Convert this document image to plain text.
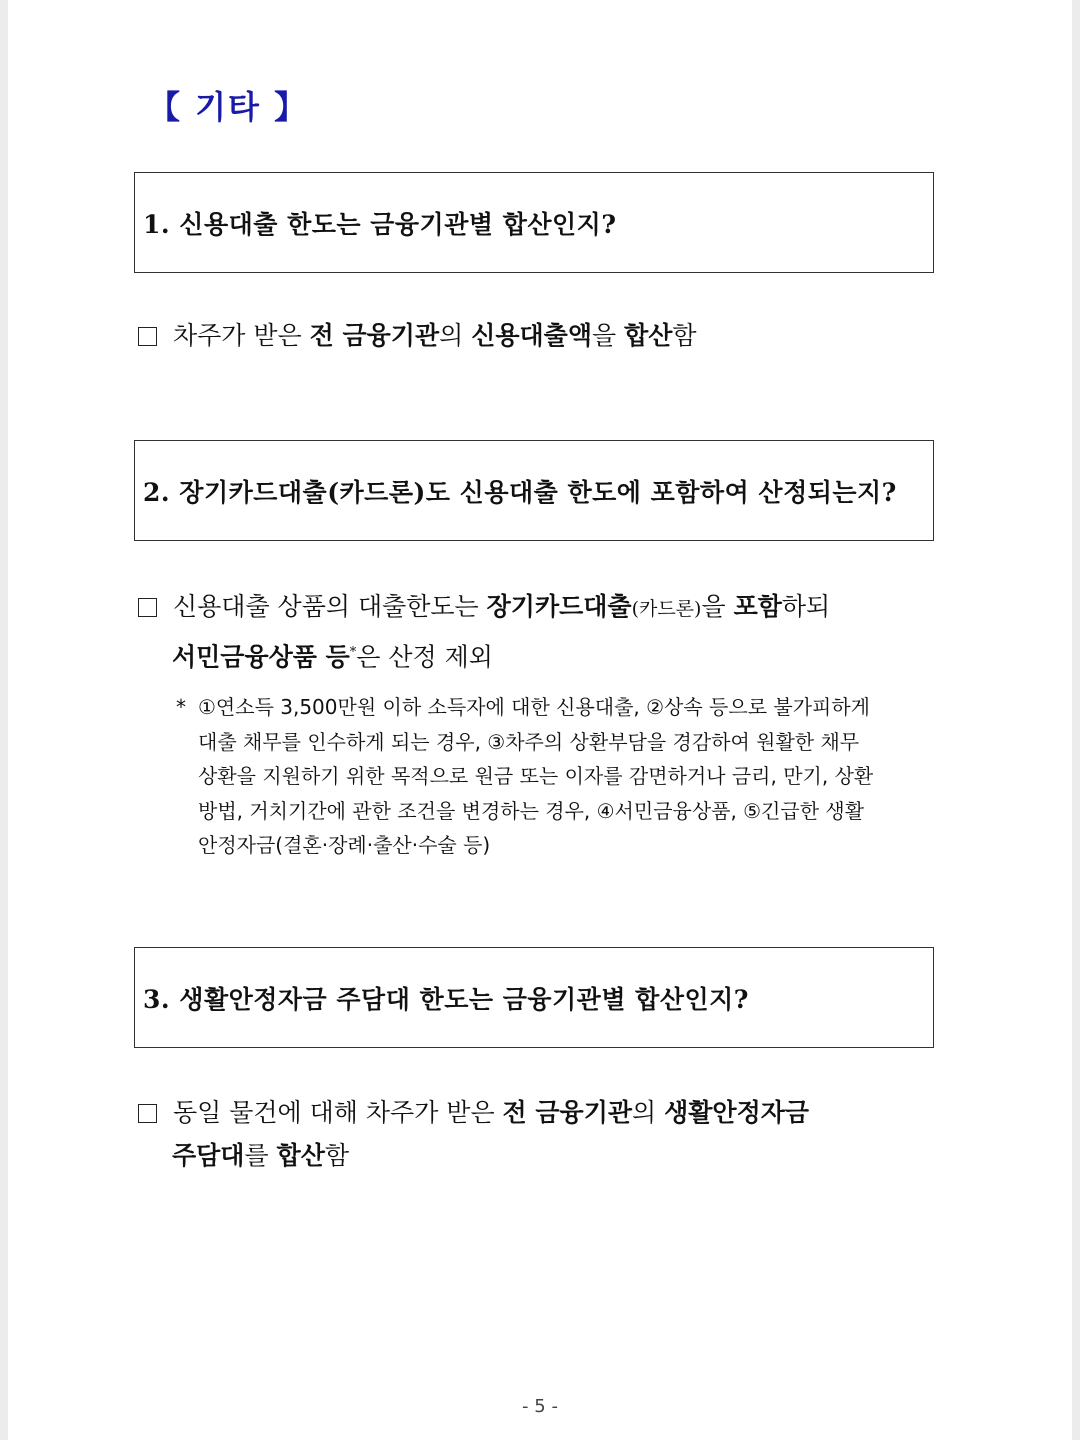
【 기타 】
1. 신용대출 한도는 금융기관별 합산인지?
차주가 받은 전 금융기관의 신용대출액을 합산함
2. 장기카드대출(카드론)도 신용대출 한도에 포함하여 산정되는지?
신용대출 상품의 대출한도는 장기카드대출(카드론)을 포함하되
서민금융상품 등*은 산정 제외
* ①연소득 3,500만원 이하 소득자에 대한 신용대출, ②상속 등으로 불가피하게
대출 채무를 인수하게 되는 경우, ③차주의 상환부담을 경감하여 원활한 채무
상환을 지원하기 위한 목적으로 원금 또는 이자를 감면하거나 금리, 만기, 상환
방법, 거치기간에 관한 조건을 변경하는 경우, ④서민금융상품, ⑤긴급한 생활
안정자금(결혼·장례·출산·수술 등)
3. 생활안정자금 주담대 한도는 금융기관별 합산인지?
동일 물건에 대해 차주가 받은 전 금융기관의 생활안정자금
주담대를 합산함
- 5 -
